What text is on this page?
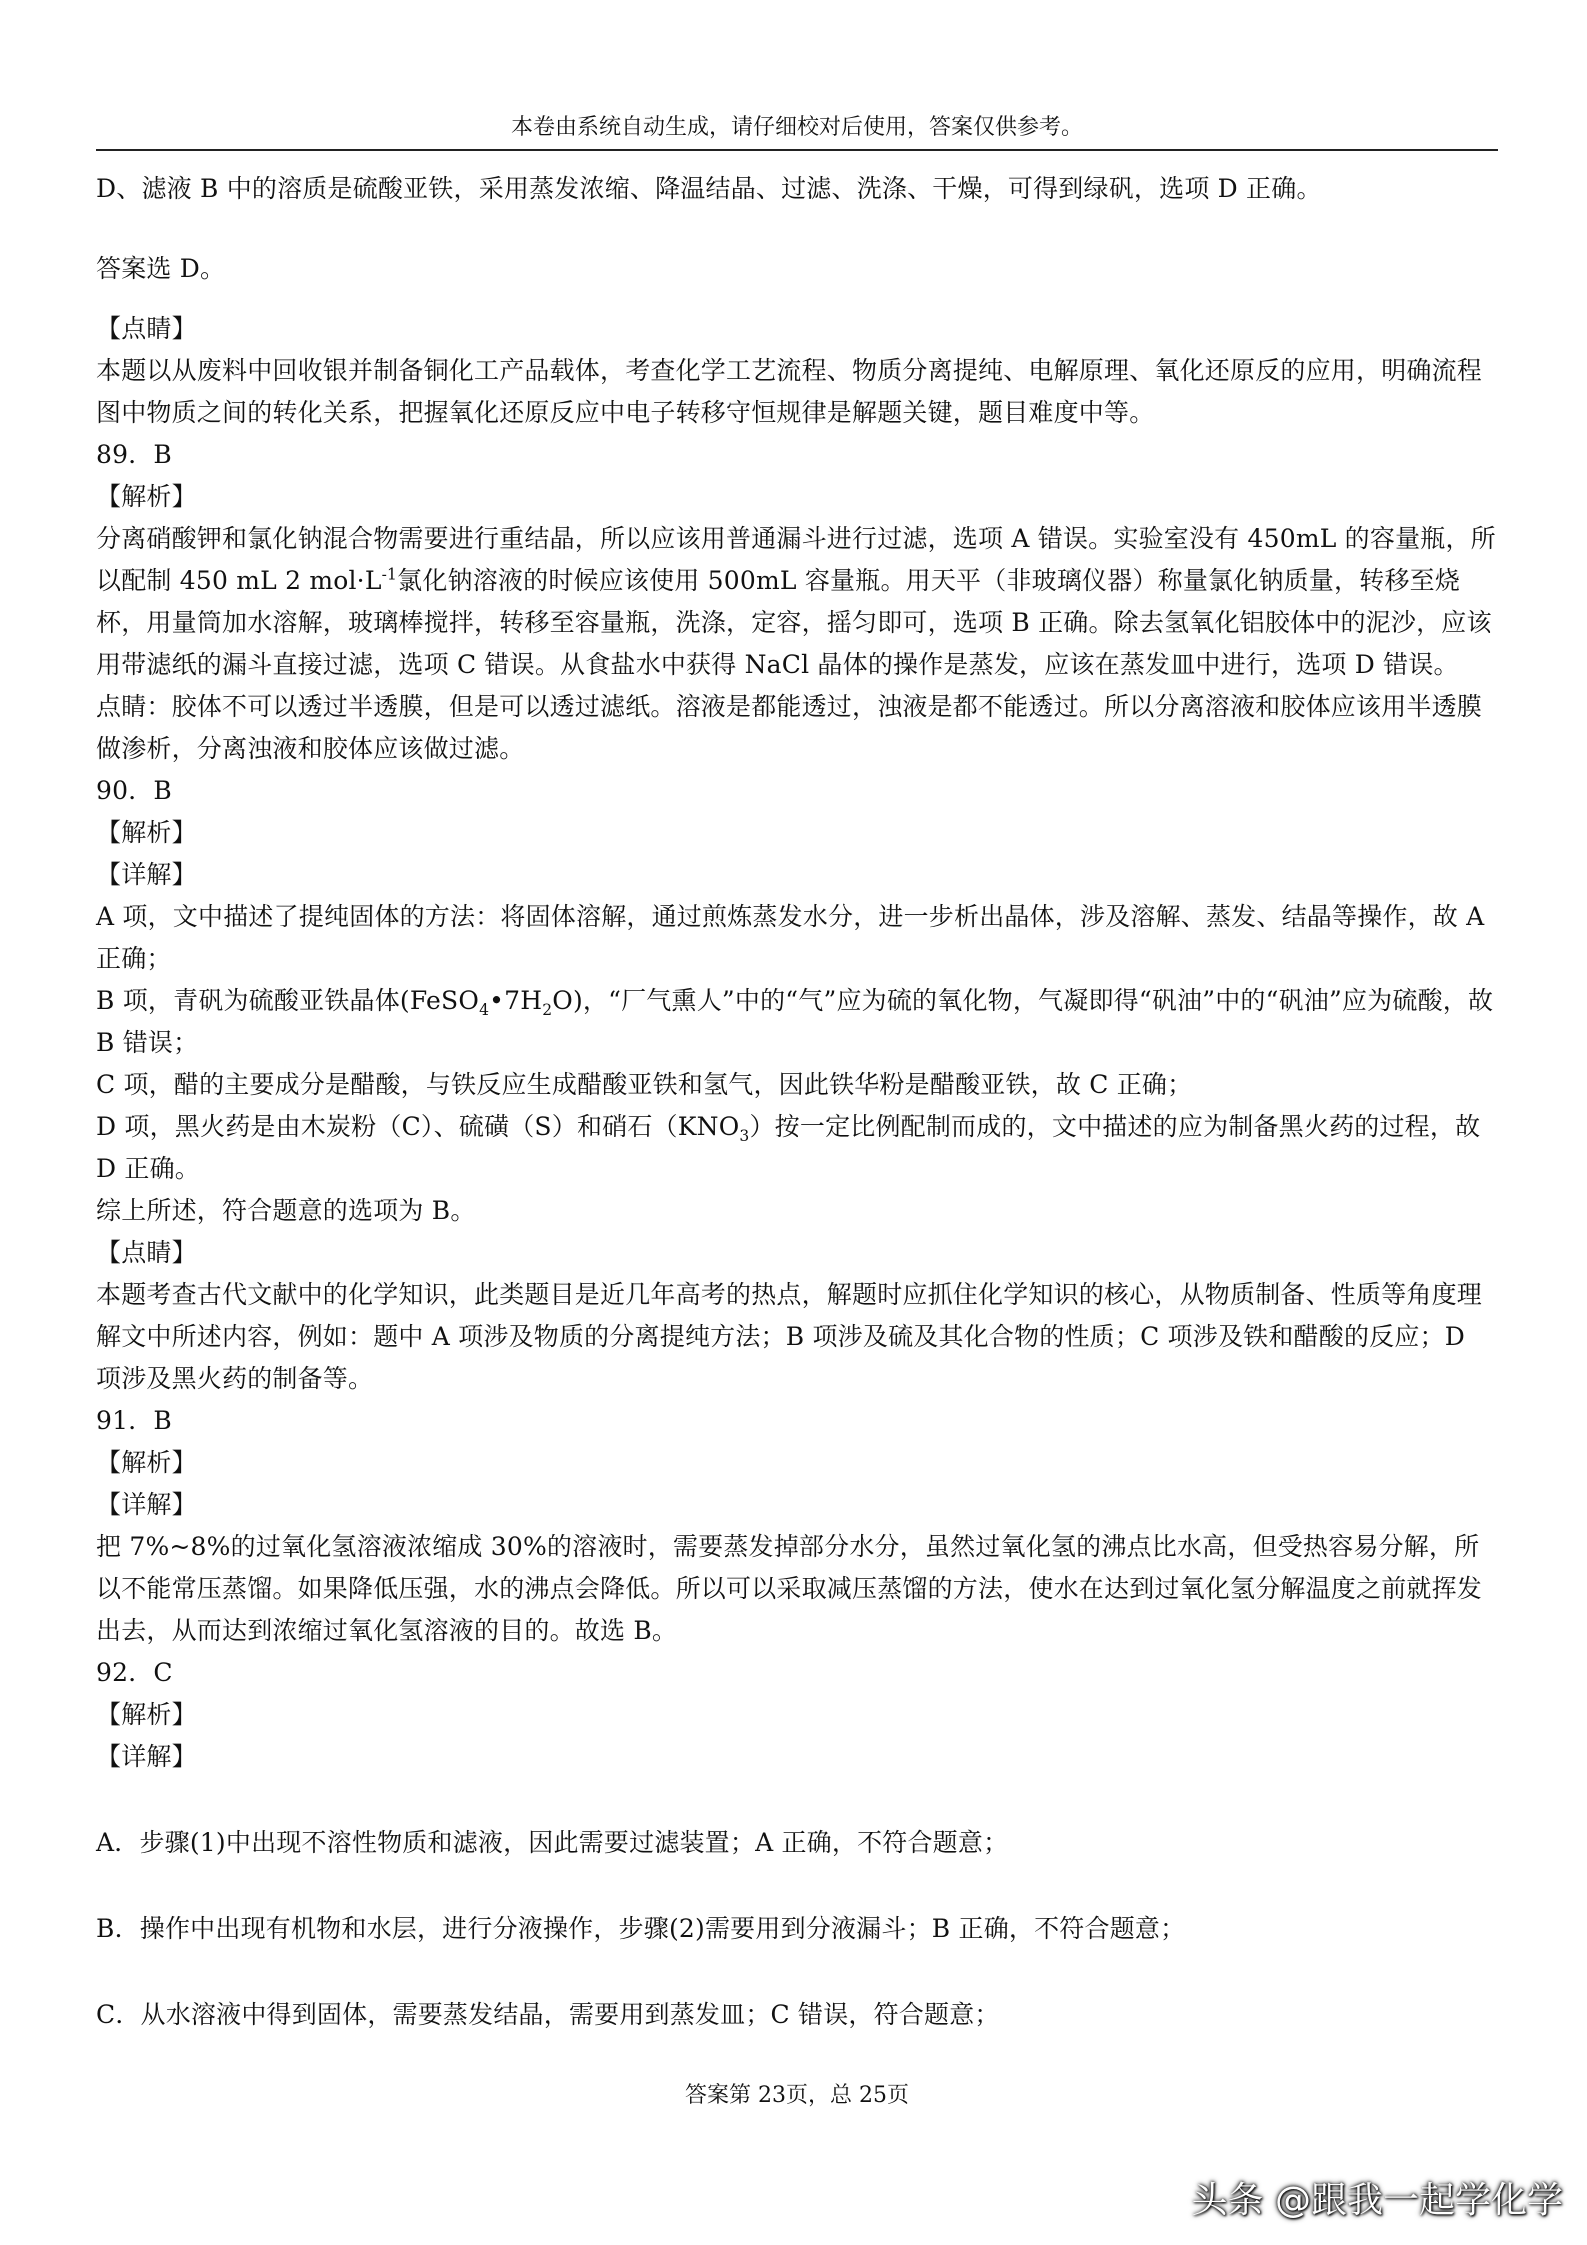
本卷由系统自动生成，请仔细校对后使用，答案仅供参考。

D、滤液 B 中的溶质是硫酸亚铁，采用蒸发浓缩、降温结晶、过滤、洗涤、干燥，可得到绿矾，选项 D 正确。

答案选 D。

【点睛】

本题以从废料中回收银并制备铜化工产品载体，考查化学工艺流程、物质分离提纯、电解原理、氧化还原反的应用，明确流程图中物质之间的转化关系，把握氧化还原反应中电子转移守恒规律是解题关键，题目难度中等。

89．B

【解析】

分离硝酸钾和氯化钠混合物需要进行重结晶，所以应该用普通漏斗进行过滤，选项 A 错误。实验室没有 450mL 的容量瓶，所以配制 450 mL 2 $mol\cdot L^{-1}$氯化钠溶液的时候应该使用 500mL 容量瓶。用天平（非玻璃仪器）称量氯化钠质量，转移至烧杯，用量筒加水溶解，玻璃棒搅拌，转移至容量瓶，洗涤，定容，摇匀即可，选项 B 正确。除去氢氧化铝胶体中的泥沙，应该用带滤纸的漏斗直接过滤，选项 C 错误。从食盐水中获得 NaCl 晶体的操作是蒸发，应该在蒸发皿中进行，选项 D 错误。

点睛：胶体不可以透过半透膜，但是可以透过滤纸。溶液是都能透过，浊液是都不能透过。所以分离溶液和胶体应该用半透膜做渗析，分离浊液和胶体应该做过滤。

90．B

【解析】

【详解】

A 项，文中描述了提纯固体的方法：将固体溶解，通过煎炼蒸发水分，进一步析出晶体，涉及溶解、蒸发、结晶等操作，故 A 正确；

B 项，青矾为硫酸亚铁晶体$(FeSO_4•7H_2O)$，“厂气熏人”中的“气”应为硫的氧化物，气凝即得“矾油”中的“矾油”应为硫酸，故 B 错误；

C 项，醋的主要成分是醋酸，与铁反应生成醋酸亚铁和氢气，因此铁华粉是醋酸亚铁，故 C 正确；

D 项，黑火药是由木炭粉（C）、硫磺（S）和硝石$(KNO_3)$按一定比例配制而成的，文中描述的应为制备黑火药的过程，故 D 正确。

综上所述，符合题意的选项为 B。

【点睛】

本题考查古代文献中的化学知识，此类题目是近几年高考的热点，解题时应抓住化学知识的核心，从物质制备、性质等角度理解文中所述内容，例如：题中 A 项涉及物质的分离提纯方法；B 项涉及硫及其化合物的性质；C 项涉及铁和醋酸的反应；D 项涉及黑火药的制备等。

91．B

【解析】

【详解】

把 7%~8%的过氧化氢溶液浓缩成 30%的溶液时，需要蒸发掉部分水分，虽然过氧化氢的沸点比水高，但受热容易分解，所以不能常压蒸馏。如果降低压强，水的沸点会降低。所以可以采取减压蒸馏的方法，使水在达到过氧化氢分解温度之前就挥发出去，从而达到浓缩过氧化氢溶液的目的。故选 B。

92．C

【解析】

【详解】

A．步骤(1)中出现不溶性物质和滤液，因此需要过滤装置；A 正确，不符合题意；

B．操作中出现有机物和水层，进行分液操作，步骤(2)需要用到分液漏斗；B 正确，不符合题意；

C．从水溶液中得到固体，需要蒸发结晶，需要用到蒸发皿；C 错误，符合题意；

答案第 23页，总 25页
头条 @跟我一起学化学
